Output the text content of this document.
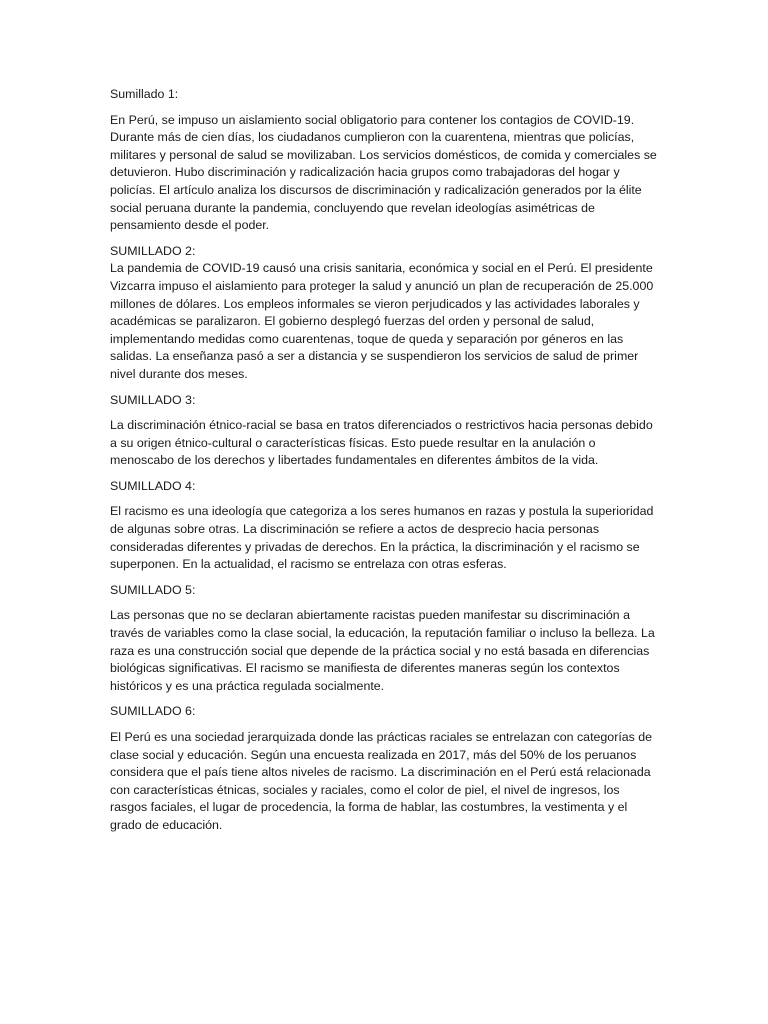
Sumillado 1:

En Perú, se impuso un aislamiento social obligatorio para contener los contagios de COVID-19. Durante más de cien días, los ciudadanos cumplieron con la cuarentena, mientras que policías, militares y personal de salud se movilizaban. Los servicios domésticos, de comida y comerciales se detuvieron. Hubo discriminación y radicalización hacia grupos como trabajadoras del hogar y policías. El artículo analiza los discursos de discriminación y radicalización generados por la élite social peruana durante la pandemia, concluyendo que revelan ideologías asimétricas de pensamiento desde el poder.

SUMILLADO 2:

La pandemia de COVID-19 causó una crisis sanitaria, económica y social en el Perú. El presidente Vizcarra impuso el aislamiento para proteger la salud y anunció un plan de recuperación de 25.000 millones de dólares. Los empleos informales se vieron perjudicados y las actividades laborales y académicas se paralizaron. El gobierno desplegó fuerzas del orden y personal de salud, implementando medidas como cuarentenas, toque de queda y separación por géneros en las salidas. La enseñanza pasó a ser a distancia y se suspendieron los servicios de salud de primer nivel durante dos meses.

SUMILLADO 3:

La discriminación étnico-racial se basa en tratos diferenciados o restrictivos hacia personas debido a su origen étnico-cultural o características físicas. Esto puede resultar en la anulación o menoscabo de los derechos y libertades fundamentales en diferentes ámbitos de la vida.

SUMILLADO 4:

El racismo es una ideología que categoriza a los seres humanos en razas y postula la superioridad de algunas sobre otras. La discriminación se refiere a actos de desprecio hacia personas consideradas diferentes y privadas de derechos. En la práctica, la discriminación y el racismo se superponen. En la actualidad, el racismo se entrelaza con otras esferas.

SUMILLADO 5:

Las personas que no se declaran abiertamente racistas pueden manifestar su discriminación a través de variables como la clase social, la educación, la reputación familiar o incluso la belleza. La raza es una construcción social que depende de la práctica social y no está basada en diferencias biológicas significativas. El racismo se manifiesta de diferentes maneras según los contextos históricos y es una práctica regulada socialmente.

SUMILLADO 6:

El Perú es una sociedad jerarquizada donde las prácticas raciales se entrelazan con categorías de clase social y educación. Según una encuesta realizada en 2017, más del 50% de los peruanos considera que el país tiene altos niveles de racismo. La discriminación en el Perú está relacionada con características étnicas, sociales y raciales, como el color de piel, el nivel de ingresos, los rasgos faciales, el lugar de procedencia, la forma de hablar, las costumbres, la vestimenta y el grado de educación.
